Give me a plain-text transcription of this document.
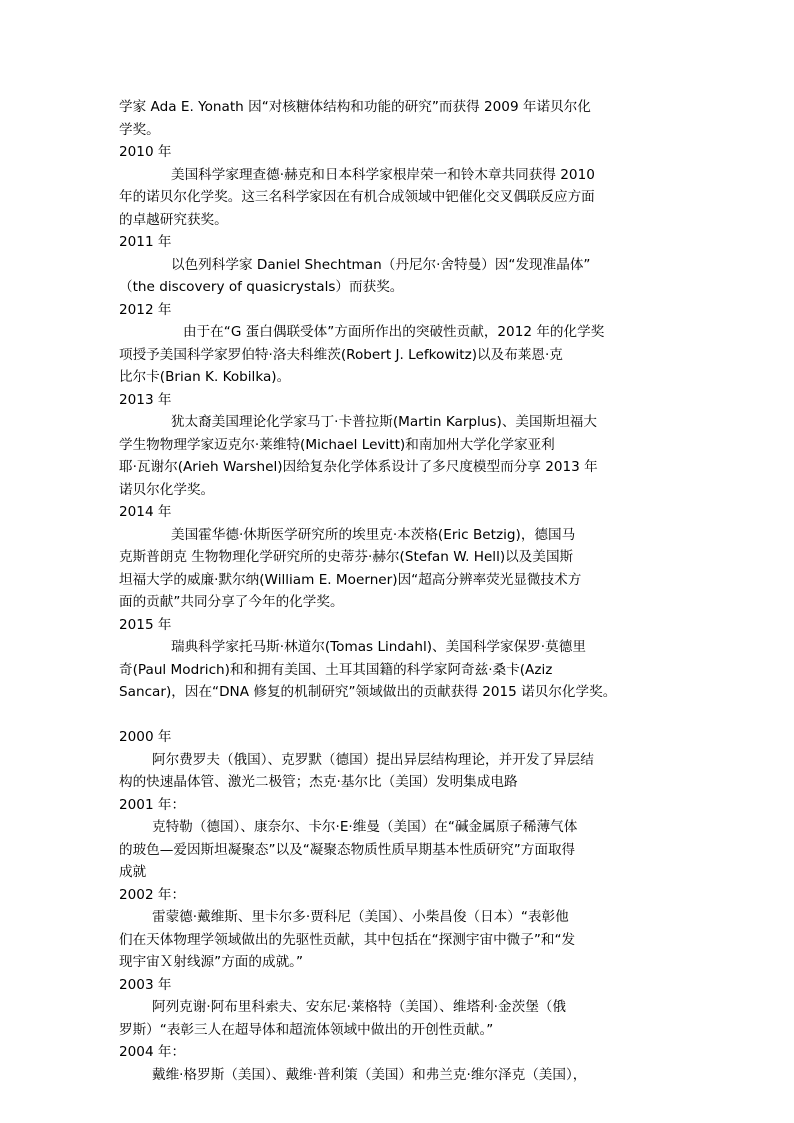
学家 Ada E. Yonath 因“对核糖体结构和功能的研究”而获得 2009 年诺贝尔化
学奖。
2010 年
美国科学家理查德·赫克和日本科学家根岸荣一和铃木章共同获得 2010
年的诺贝尔化学奖。这三名科学家因在有机合成领域中钯催化交叉偶联反应方面
的卓越研究获奖。
2011 年
以色列科学家 Daniel Shechtman（丹尼尔·舍特曼）因“发现准晶体”
（the discovery of quasicrystals）而获奖。
2012 年
由于在“G 蛋白偶联受体”方面所作出的突破性贡献，2012 年的化学奖
项授予美国科学家罗伯特·洛夫科维茨(Robert J. Lefkowitz)以及布莱恩·克
比尔卡(Brian K. Kobilka)。
2013 年
犹太裔美国理论化学家马丁·卡普拉斯(Martin Karplus)、美国斯坦福大
学生物物理学家迈克尔·莱维特(Michael Levitt)和南加州大学化学家亚利
耶·瓦谢尔(Arieh Warshel)因给复杂化学体系设计了多尺度模型而分享 2013 年
诺贝尔化学奖。
2014 年
美国霍华德·休斯医学研究所的埃里克·本茨格(Eric Betzig)，德国马
克斯普朗克 生物物理化学研究所的史蒂芬·赫尔(Stefan W. Hell)以及美国斯
坦福大学的威廉·默尔纳(William E. Moerner)因“超高分辨率荧光显微技术方
面的贡献”共同分享了今年的化学奖。
2015 年
瑞典科学家托马斯·林道尔(Tomas Lindahl)、美国科学家保罗·莫德里
奇(Paul Modrich)和和拥有美国、土耳其国籍的科学家阿奇兹·桑卡(Aziz
Sancar)，因在“DNA 修复的机制研究”领域做出的贡献获得 2015 诺贝尔化学奖。
2000 年
阿尔费罗夫（俄国）、克罗默（德国）提出异层结构理论，并开发了异层结
构的快速晶体管、激光二极管；杰克·基尔比（美国）发明集成电路
2001 年：
克特勒（德国）、康奈尔、卡尔·E·维曼（美国）在“碱金属原子稀薄气体
的玻色—爱因斯坦凝聚态”以及“凝聚态物质性质早期基本性质研究”方面取得
成就
2002 年：
雷蒙德·戴维斯、里卡尔多·贾科尼（美国）、小柴昌俊（日本）“表彰他
们在天体物理学领域做出的先驱性贡献，其中包括在“探测宇宙中微子”和“发
现宇宙Ｘ射线源”方面的成就。”
2003 年
阿列克谢·阿布里科索夫、安东尼·莱格特（美国）、维塔利·金茨堡（俄
罗斯）“表彰三人在超导体和超流体领域中做出的开创性贡献。”
2004 年：
戴维·格罗斯（美国）、戴维·普利策（美国）和弗兰克·维尔泽克（美国），
